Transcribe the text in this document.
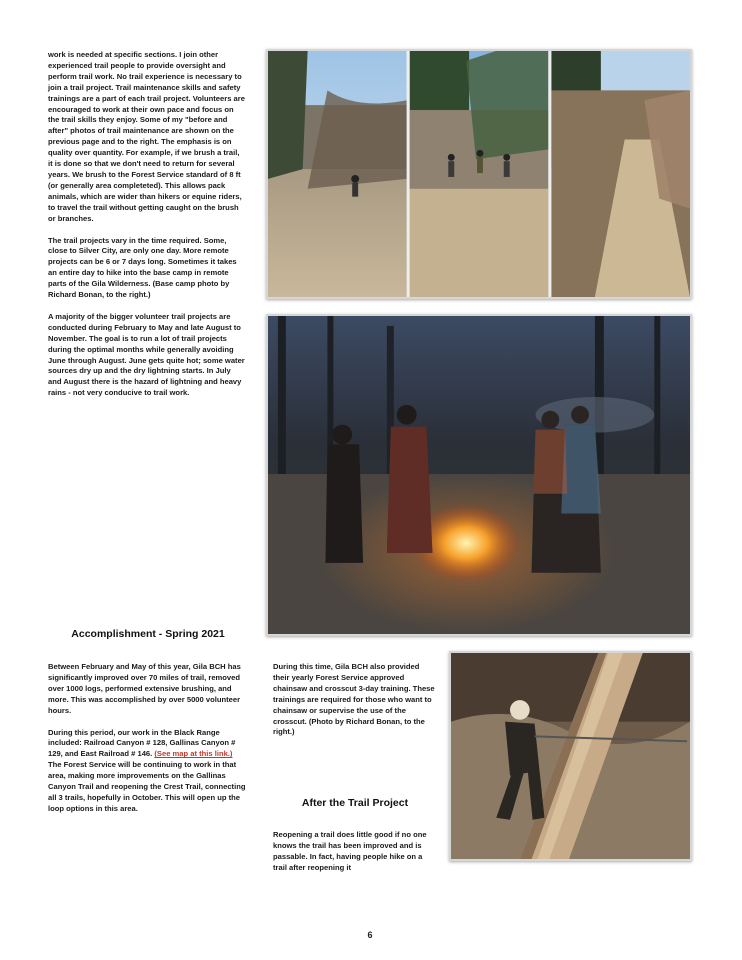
work is needed at specific sections. I join other experienced trail people to provide oversight and perform trail work. No trail experience is necessary to join a trail project. Trail maintenance skills and safety trainings are a part of each trail project. Volunteers are encouraged to work at their own pace and focus on the trail skills they enjoy. Some of my "before and after" photos of trail maintenance are shown on the previous page and to the right. The emphasis is on quality over quantity. For example, if we brush a trail, it is done so that we don't need to return for several years. We brush to the Forest Service standard of 8 ft (or generally area completeted). This allows pack animals, which are wider than hikers or equine riders, to travel the trail without getting caught on the brush or branches.

The trail projects vary in the time required. Some, close to Silver City, are only one day. More remote projects can be 6 or 7 days long. Sometimes it takes an entire day to hike into the base camp in remote parts of the Gila Wilderness. (Base camp photo by Richard Bonan, to the right.)

A majority of the bigger volunteer trail projects are conducted during February to May and late August to November. The goal is to run a lot of trail projects during the optimal months while generally avoiding June through August. June gets quite hot; some water sources dry up and the dry lightning starts. In July and August there is the hazard of lightning and heavy rains - not very conducive to trail work.

Accomplishment - Spring 2021

Between February and May of this year, Gila BCH has significantly improved over 70 miles of trail, removed over 1000 logs, performed extensive brushing, and more. This was accomplished by over 5000 volunteer hours.

During this period, our work in the Black Range included: Railroad Canyon # 128, Gallinas Canyon # 129, and East Railroad # 146. (See map at this link.) The Forest Service will be continuing to work in that area, making more improvements on the Gallinas Canyon Trail and reopening the Crest Trail, connecting all 3 trails, hopefully in October. This will open up the loop options in this area.

During this time, Gila BCH also provided their yearly Forest Service approved chainsaw and crosscut 3-day training. These trainings are required for those who want to chainsaw or supervise the use of the crosscut. (Photo by Richard Bonan, to the right.)

After the Trail Project

Reopening a trail does little good if no one knows the trail has been improved and is passable. In fact, having people hike on a trail after reopening it

6
